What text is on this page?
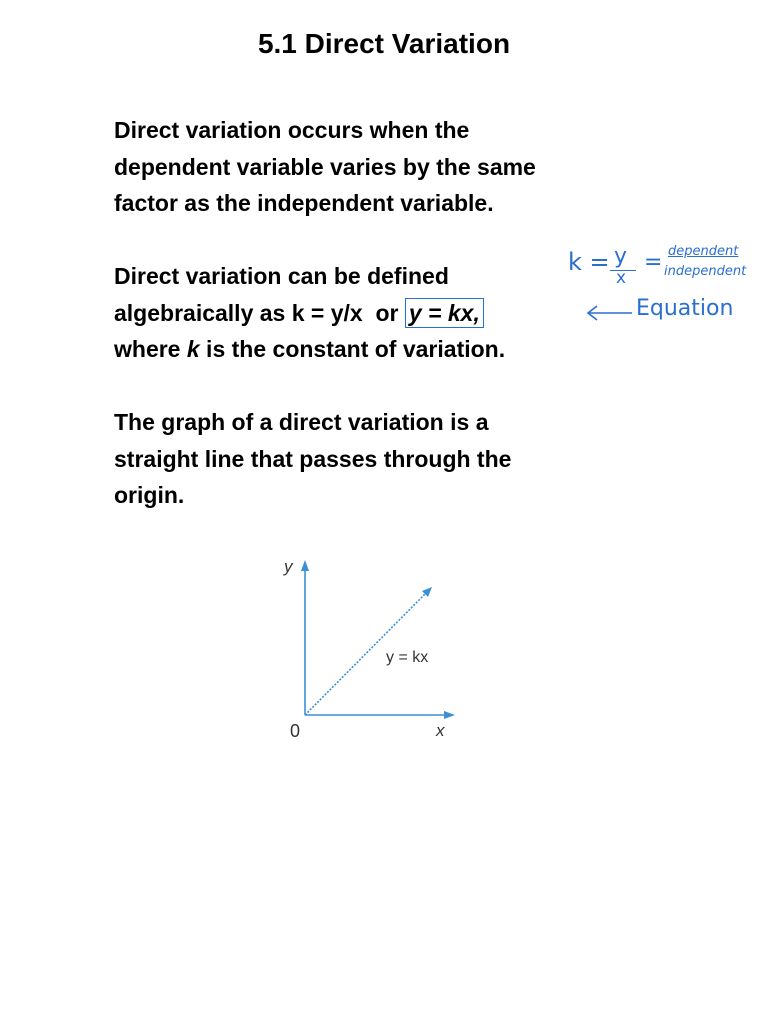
5.1 Direct Variation
Direct variation occurs when the
dependent variable varies by the same
factor as the independent variable.
Direct variation can be defined
algebraically as k = y/x  or y = kx,
where k is the constant of variation.
The graph of a direct variation is a
straight line that passes through the
origin.
k = y
x
= dependent
independent
Equation
y
x
0
y = kx
